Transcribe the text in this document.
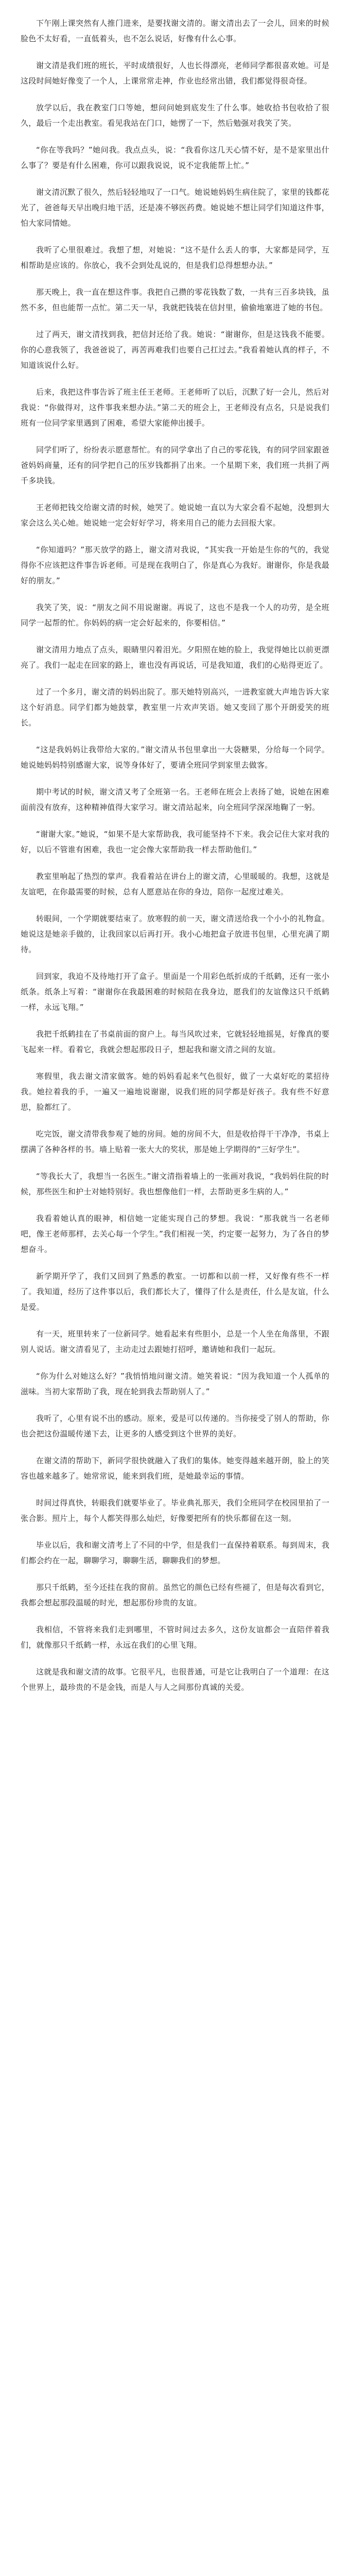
下午刚上课突然有人推门进来，是要找谢文清的。谢文清出去了一会儿，回来的时候脸色不太好看，一直低着头，也不怎么说话，好像有什么心事。

谢文清是我们班的班长，平时成绩很好，人也长得漂亮，老师同学都很喜欢她。可是这段时间她好像变了一个人，上课常常走神，作业也经常出错，我们都觉得很奇怪。

放学以后，我在教室门口等她，想问问她到底发生了什么事。她收拾书包收拾了很久，最后一个走出教室。看见我站在门口，她愣了一下，然后勉强对我笑了笑。

“你在等我吗？”她问我。我点点头，说：“我看你这几天心情不好，是不是家里出什么事了？要是有什么困难，你可以跟我说说，说不定我能帮上忙。”

谢文清沉默了很久，然后轻轻地叹了一口气。她说她妈妈生病住院了，家里的钱都花光了，爸爸每天早出晚归地干活，还是凑不够医药费。她说她不想让同学们知道这件事，怕大家同情她。

我听了心里很难过。我想了想，对她说：“这不是什么丢人的事，大家都是同学，互相帮助是应该的。你放心，我不会到处乱说的，但是我们总得想想办法。”

那天晚上，我一直在想这件事。我把自己攒的零花钱数了数，一共有三百多块钱，虽然不多，但也能帮一点忙。第二天一早，我就把钱装在信封里，偷偷地塞进了她的书包。

过了两天，谢文清找到我，把信封还给了我。她说：“谢谢你，但是这钱我不能要。你的心意我领了，我爸爸说了，再苦再难我们也要自己扛过去。”我看着她认真的样子，不知道该说什么好。

后来，我把这件事告诉了班主任王老师。王老师听了以后，沉默了好一会儿，然后对我说：“你做得对，这件事我来想办法。”第二天的班会上，王老师没有点名，只是说我们班有一位同学家里遇到了困难，希望大家能伸出援手。

同学们听了，纷纷表示愿意帮忙。有的同学拿出了自己的零花钱，有的同学回家跟爸爸妈妈商量，还有的同学把自己的压岁钱都捐了出来。一个星期下来，我们班一共捐了两千多块钱。

王老师把钱交给谢文清的时候，她哭了。她说她一直以为大家会看不起她，没想到大家会这么关心她。她说她一定会好好学习，将来用自己的能力去回报大家。

“你知道吗？”那天放学的路上，谢文清对我说，“其实我一开始是生你的气的，我觉得你不应该把这件事告诉老师。可是现在我明白了，你是真心为我好。谢谢你，你是我最好的朋友。”

我笑了笑，说：“朋友之间不用说谢谢。再说了，这也不是我一个人的功劳，是全班同学一起帮的忙。你妈妈的病一定会好起来的，你要相信。”

谢文清用力地点了点头，眼睛里闪着泪光。夕阳照在她的脸上，我觉得她比以前更漂亮了。我们一起走在回家的路上，谁也没有再说话，可是我知道，我们的心贴得更近了。

过了一个多月，谢文清的妈妈出院了。那天她特别高兴，一进教室就大声地告诉大家这个好消息。同学们都为她鼓掌，教室里一片欢声笑语。她又变回了那个开朗爱笑的班长。

“这是我妈妈让我带给大家的。”谢文清从书包里拿出一大袋糖果，分给每一个同学。她说她妈妈特别感谢大家，说等身体好了，要请全班同学到家里去做客。

期中考试的时候，谢文清又考了全班第一名。王老师在班会上表扬了她，说她在困难面前没有放弃，这种精神值得大家学习。谢文清站起来，向全班同学深深地鞠了一躬。

“谢谢大家。”她说，“如果不是大家帮助我，我可能坚持不下来。我会记住大家对我的好，以后不管谁有困难，我也一定会像大家帮助我一样去帮助他们。”

教室里响起了热烈的掌声。我看着站在讲台上的谢文清，心里暖暖的。我想，这就是友谊吧，在你最需要的时候，总有人愿意站在你的身边，陪你一起度过难关。

转眼间，一个学期就要结束了。放寒假的前一天，谢文清送给我一个小小的礼物盒。她说这是她亲手做的，让我回家以后再打开。我小心地把盒子放进书包里，心里充满了期待。

回到家，我迫不及待地打开了盒子。里面是一个用彩色纸折成的千纸鹤，还有一张小纸条。纸条上写着：“谢谢你在我最困难的时候陪在我身边，愿我们的友谊像这只千纸鹤一样，永远飞翔。”

我把千纸鹤挂在了书桌前面的窗户上。每当风吹过来，它就轻轻地摇晃，好像真的要飞起来一样。看着它，我就会想起那段日子，想起我和谢文清之间的友谊。

寒假里，我去谢文清家做客。她的妈妈看起来气色很好，做了一大桌好吃的菜招待我。她拉着我的手，一遍又一遍地说谢谢，说我们班的同学都是好孩子。我有些不好意思，脸都红了。

吃完饭，谢文清带我参观了她的房间。她的房间不大，但是收拾得干干净净，书桌上摆满了各种各样的书。墙上贴着一张大大的奖状，那是她上学期得的“三好学生”。

“等我长大了，我想当一名医生。”谢文清指着墙上的一张画对我说，“我妈妈住院的时候，那些医生和护士对她特别好。我也想像他们一样，去帮助更多生病的人。”

我看着她认真的眼神，相信她一定能实现自己的梦想。我说：“那我就当一名老师吧，像王老师那样，去关心每一个学生。”我们相视一笑，约定要一起努力，为了各自的梦想奋斗。

新学期开学了，我们又回到了熟悉的教室。一切都和以前一样，又好像有些不一样了。我知道，经历了这件事以后，我们都长大了，懂得了什么是责任，什么是友谊，什么是爱。

有一天，班里转来了一位新同学。她看起来有些胆小，总是一个人坐在角落里，不跟别人说话。谢文清看见了，主动走过去跟她打招呼，邀请她和我们一起玩。

“你为什么对她这么好？”我悄悄地问谢文清。她笑着说：“因为我知道一个人孤单的滋味。当初大家帮助了我，现在轮到我去帮助别人了。”

我听了，心里有说不出的感动。原来，爱是可以传递的。当你接受了别人的帮助，你也会把这份温暖传递下去，让更多的人感受到这个世界的美好。

在谢文清的帮助下，新同学很快就融入了我们的集体。她变得越来越开朗，脸上的笑容也越来越多了。她常常说，能来到我们班，是她最幸运的事情。

时间过得真快，转眼我们就要毕业了。毕业典礼那天，我们全班同学在校园里拍了一张合影。照片上，每个人都笑得那么灿烂，好像要把所有的快乐都留在这一刻。

毕业以后，我和谢文清考上了不同的中学，但是我们一直保持着联系。每到周末，我们都会约在一起，聊聊学习，聊聊生活，聊聊我们的梦想。

那只千纸鹤，至今还挂在我的窗前。虽然它的颜色已经有些褪了，但是每次看到它，我都会想起那段温暖的时光，想起那份珍贵的友谊。

我相信，不管将来我们走到哪里，不管时间过去多久，这份友谊都会一直陪伴着我们，就像那只千纸鹤一样，永远在我们的心里飞翔。

这就是我和谢文清的故事。它很平凡，也很普通，可是它让我明白了一个道理：在这个世界上，最珍贵的不是金钱，而是人与人之间那份真诚的关爱。
